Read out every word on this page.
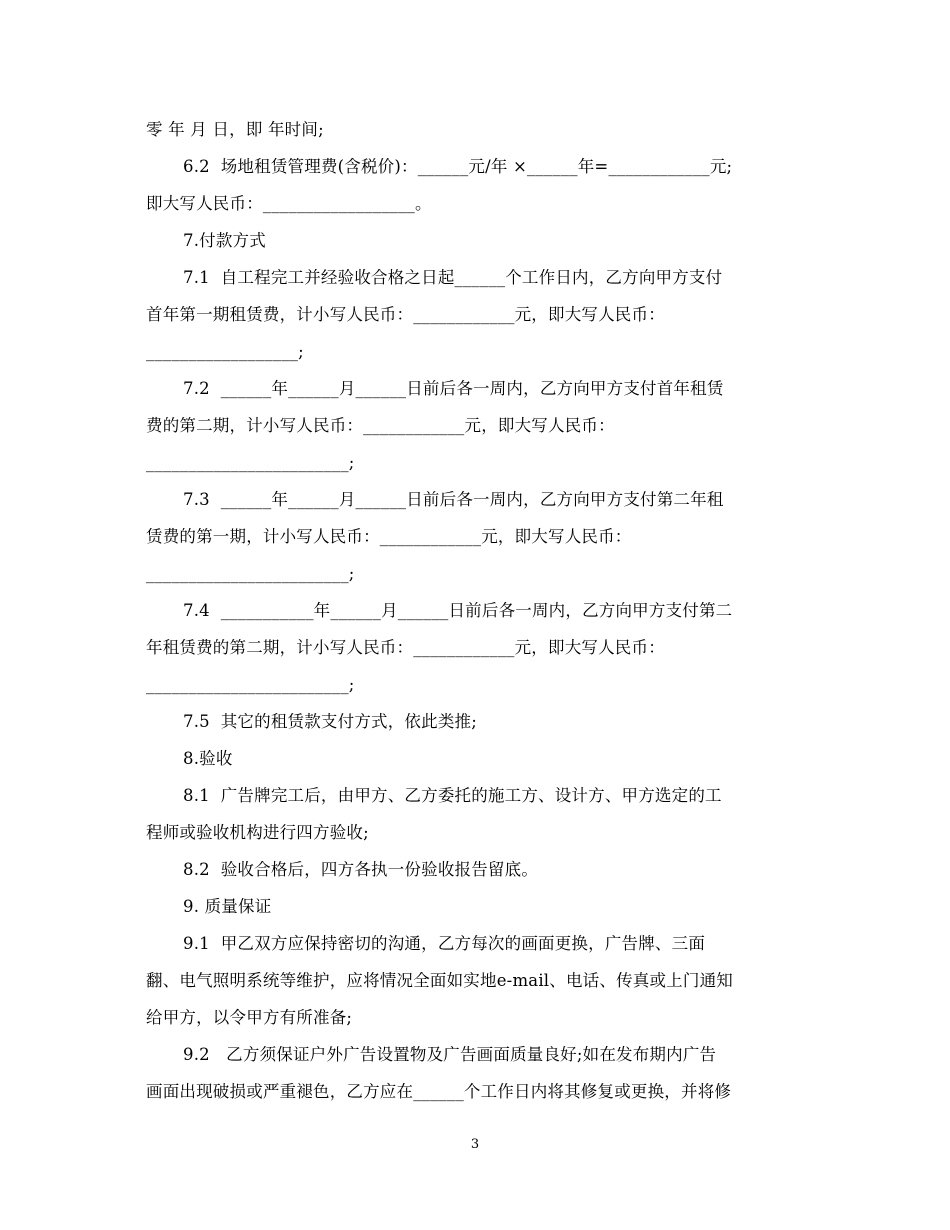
零 年 月 日，即 年时间;
6.2  场地租赁管理费(含税价)：______元/年 ×______年=____________元;
即大写人民币：__________________。
7.付款方式
7.1  自工程完工并经验收合格之日起______个工作日内，乙方向甲方支付
首年第一期租赁费，计小写人民币：____________元，即大写人民币：
__________________;
7.2  ______年______月______日前后各一周内，乙方向甲方支付首年租赁
费的第二期，计小写人民币：____________元，即大写人民币：
________________________;
7.3  ______年______月______日前后各一周内，乙方向甲方支付第二年租
赁费的第一期，计小写人民币：____________元，即大写人民币：
________________________;
7.4  ___________年______月______日前后各一周内，乙方向甲方支付第二
年租赁费的第二期，计小写人民币：____________元，即大写人民币：
________________________;
7.5  其它的租赁款支付方式，依此类推;
8.验收
8.1  广告牌完工后，由甲方、乙方委托的施工方、设计方、甲方选定的工
程师或验收机构进行四方验收;
8.2  验收合格后，四方各执一份验收报告留底。
9. 质量保证
9.1  甲乙双方应保持密切的沟通，乙方每次的画面更换，广告牌、三面
翻、电气照明系统等维护，应将情况全面如实地e-mail、电话、传真或上门通知
给甲方，以令甲方有所准备;
9.2   乙方须保证户外广告设置物及广告画面质量良好;如在发布期内广告
画面出现破损或严重褪色，乙方应在______个工作日内将其修复或更换，并将修
3
